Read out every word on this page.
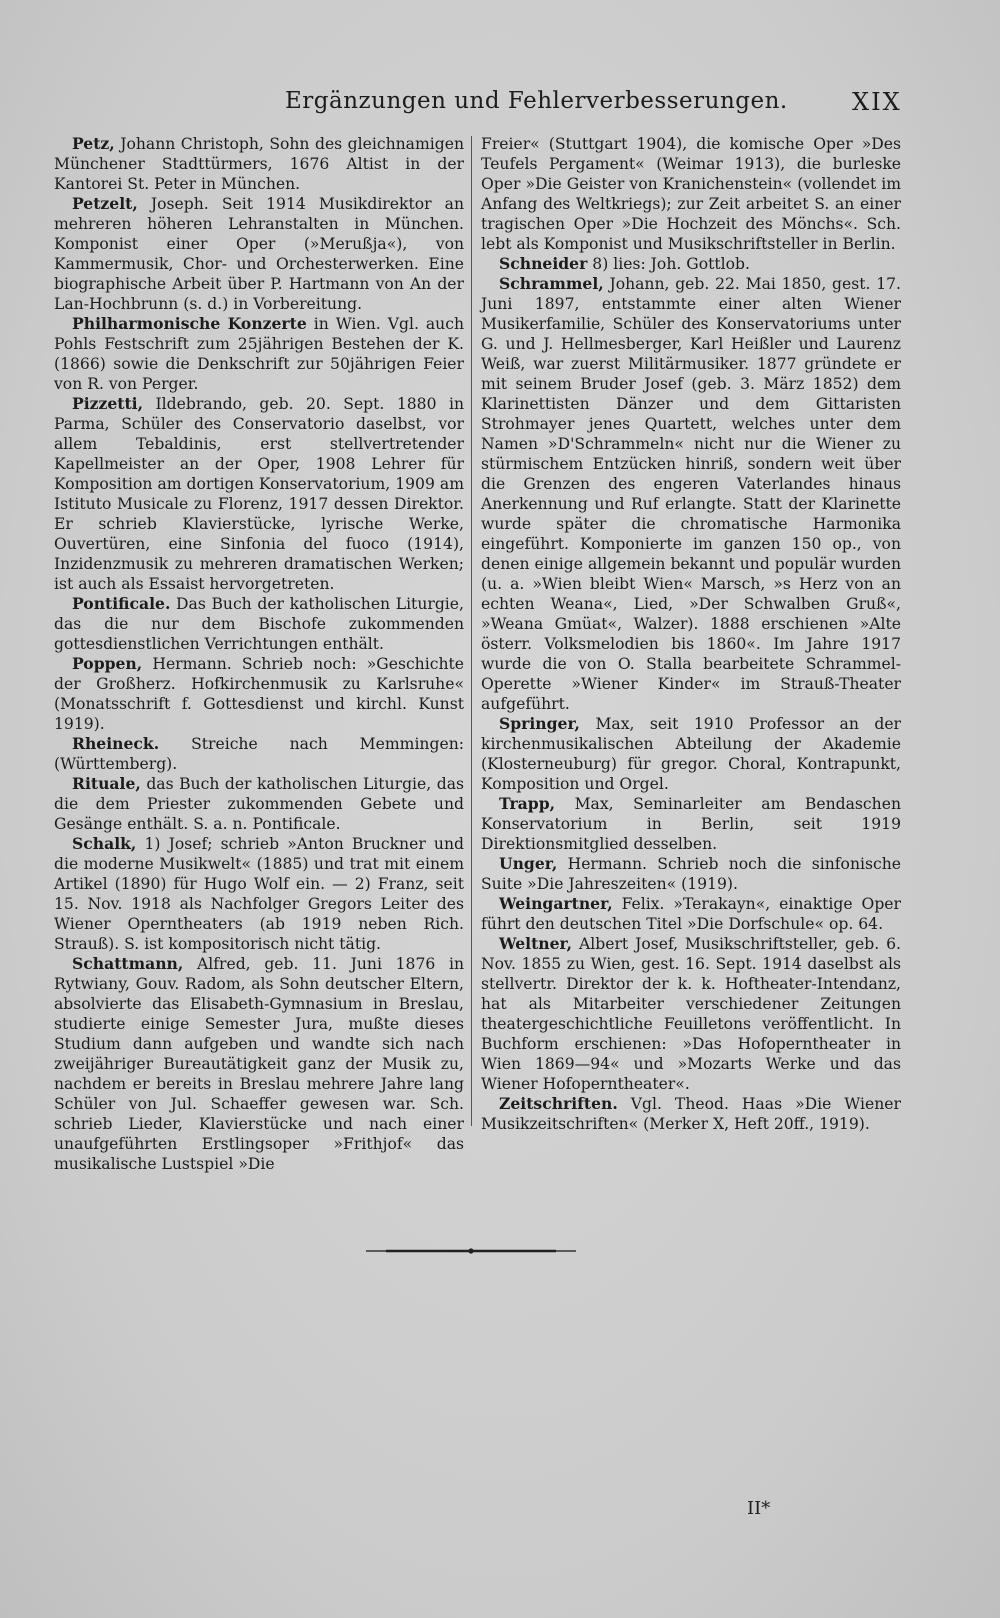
Ergänzungen und Fehlerverbesserungen.	XIX

Petz, Johann Christoph, Sohn des gleichnamigen Münchener Stadttürmers, 1676 Altist in der Kantorei St. Peter in München.

Petzelt, Joseph. Seit 1914 Musikdirektor an mehreren höheren Lehranstalten in München. Komponist einer Oper (»Merußja«), von Kammermusik, Chor- und Orchesterwerken. Eine biographische Arbeit über P. Hartmann von An der Lan-Hochbrunn (s. d.) in Vorbereitung.

Philharmonische Konzerte in Wien. Vgl. auch Pohls Festschrift zum 25jährigen Bestehen der K. (1866) sowie die Denkschrift zur 50jährigen Feier von R. von Perger.

Pizzetti, Ildebrando, geb. 20. Sept. 1880 in Parma, Schüler des Conservatorio daselbst, vor allem Tebaldinis, erst stellvertretender Kapellmeister an der Oper, 1908 Lehrer für Komposition am dortigen Konservatorium, 1909 am Istituto Musicale zu Florenz, 1917 dessen Direktor. Er schrieb Klavierstücke, lyrische Werke, Ouvertüren, eine Sinfonia del fuoco (1914), Inzidenzmusik zu mehreren dramatischen Werken; ist auch als Essaist hervorgetreten.

Pontificale. Das Buch der katholischen Liturgie, das die nur dem Bischofe zukommenden gottesdienstlichen Verrichtungen enthält.

Poppen, Hermann. Schrieb noch: »Geschichte der Großherz. Hofkirchenmusik zu Karlsruhe« (Monatsschrift f. Gottesdienst und kirchl. Kunst 1919).

Rheineck. Streiche nach Memmingen: (Württemberg).

Rituale, das Buch der katholischen Liturgie, das die dem Priester zukommenden Gebete und Gesänge enthält. S. a. n. Pontificale.

Schalk, 1) Josef; schrieb »Anton Bruckner und die moderne Musikwelt« (1885) und trat mit einem Artikel (1890) für Hugo Wolf ein. — 2) Franz, seit 15. Nov. 1918 als Nachfolger Gregors Leiter des Wiener Operntheaters (ab 1919 neben Rich. Strauß). S. ist kompositorisch nicht tätig.

Schattmann, Alfred, geb. 11. Juni 1876 in Rytwiany, Gouv. Radom, als Sohn deutscher Eltern, absolvierte das Elisabeth-Gymnasium in Breslau, studierte einige Semester Jura, mußte dieses Studium dann aufgeben und wandte sich nach zweijähriger Bureautätigkeit ganz der Musik zu, nachdem er bereits in Breslau mehrere Jahre lang Schüler von Jul. Schaeffer gewesen war. Sch. schrieb Lieder, Klavierstücke und nach einer unaufgeführten Erstlingsoper »Frithjof« das musikalische Lustspiel »Die

Freier« (Stuttgart 1904), die komische Oper »Des Teufels Pergament« (Weimar 1913), die burleske Oper »Die Geister von Kranichenstein« (vollendet im Anfang des Weltkriegs); zur Zeit arbeitet S. an einer tragischen Oper »Die Hochzeit des Mönchs«. Sch. lebt als Komponist und Musikschriftsteller in Berlin.

Schneider 8) lies: Joh. Gottlob.

Schrammel, Johann, geb. 22. Mai 1850, gest. 17. Juni 1897, entstammte einer alten Wiener Musikerfamilie, Schüler des Konservatoriums unter G. und J. Hellmesberger, Karl Heißler und Laurenz Weiß, war zuerst Militärmusiker. 1877 gründete er mit seinem Bruder Josef (geb. 3. März 1852) dem Klarinettisten Dänzer und dem Gittaristen Strohmayer jenes Quartett, welches unter dem Namen »D'Schrammeln« nicht nur die Wiener zu stürmischem Entzücken hinriß, sondern weit über die Grenzen des engeren Vaterlandes hinaus Anerkennung und Ruf erlangte. Statt der Klarinette wurde später die chromatische Harmonika eingeführt. Komponierte im ganzen 150 op., von denen einige allgemein bekannt und populär wurden (u. a. »Wien bleibt Wien« Marsch, »s Herz von an echten Weana«, Lied, »Der Schwalben Gruß«, »Weana Gmüat«, Walzer). 1888 erschienen »Alte österr. Volksmelodien bis 1860«. Im Jahre 1917 wurde die von O. Stalla bearbeitete Schrammel-Operette »Wiener Kinder« im Strauß-Theater aufgeführt.

Springer, Max, seit 1910 Professor an der kirchenmusikalischen Abteilung der Akademie (Klosterneuburg) für gregor. Choral, Kontrapunkt, Komposition und Orgel.

Trapp, Max, Seminarleiter am Bendaschen Konservatorium in Berlin, seit 1919 Direktionsmitglied desselben.

Unger, Hermann. Schrieb noch die sinfonische Suite »Die Jahreszeiten« (1919).

Weingartner, Felix. »Terakayn«, einaktige Oper führt den deutschen Titel »Die Dorfschule« op. 64.

Weltner, Albert Josef, Musikschriftsteller, geb. 6. Nov. 1855 zu Wien, gest. 16. Sept. 1914 daselbst als stellvertr. Direktor der k. k. Hoftheater-Intendanz, hat als Mitarbeiter verschiedener Zeitungen theatergeschichtliche Feuilletons veröffentlicht. In Buchform erschienen: »Das Hofoperntheater in Wien 1869—94« und »Mozarts Werke und das Wiener Hofoperntheater«.

Zeitschriften. Vgl. Theod. Haas »Die Wiener Musikzeitschriften« (Merker X, Heft 20ff., 1919).

II*
